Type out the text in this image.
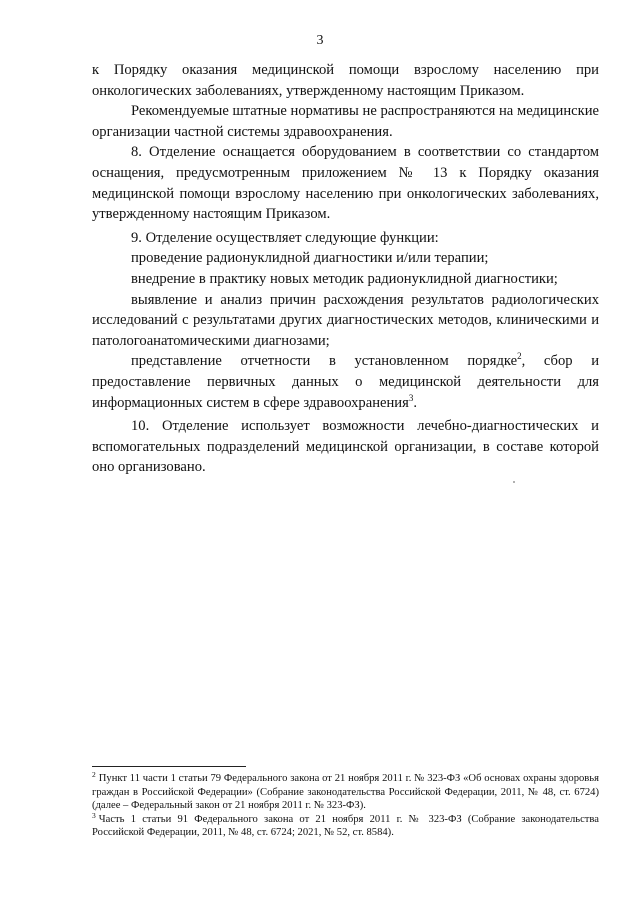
3

к Порядку оказания медицинской помощи взрослому населению при онкологических заболеваниях, утвержденному настоящим Приказом.

Рекомендуемые штатные нормативы не распространяются на медицинские организации частной системы здравоохранения.

8. Отделение оснащается оборудованием в соответствии со стандартом оснащения, предусмотренным приложением № 13 к Порядку оказания медицинской помощи взрослому населению при онкологических заболеваниях, утвержденному настоящим Приказом.

9. Отделение осуществляет следующие функции:

проведение радионуклидной диагностики и/или терапии;

внедрение в практику новых методик радионуклидной диагностики;

выявление и анализ причин расхождения результатов радиологических исследований с результатами других диагностических методов, клиническими и патологоанатомическими диагнозами;

представление отчетности в установленном порядке$^2$, сбор и предоставление первичных данных о медицинской деятельности для информационных систем в сфере здравоохранения$^3$.

10. Отделение использует возможности лечебно-диагностических и вспомогательных подразделений медицинской организации, в составе которой оно организовано.

$^2$ Пункт 11 части 1 статьи 79 Федерального закона от 21 ноября 2011 г. № 323-ФЗ «Об основах охраны здоровья граждан в Российской Федерации» (Собрание законодательства Российской Федерации, 2011, № 48, ст. 6724) (далее – Федеральный закон от 21 ноября 2011 г. № 323-ФЗ).

$^3$ Часть 1 статьи 91 Федерального закона от 21 ноября 2011 г. № 323-ФЗ (Собрание законодательства Российской Федерации, 2011, № 48, ст. 6724; 2021, № 52, ст. 8584).
